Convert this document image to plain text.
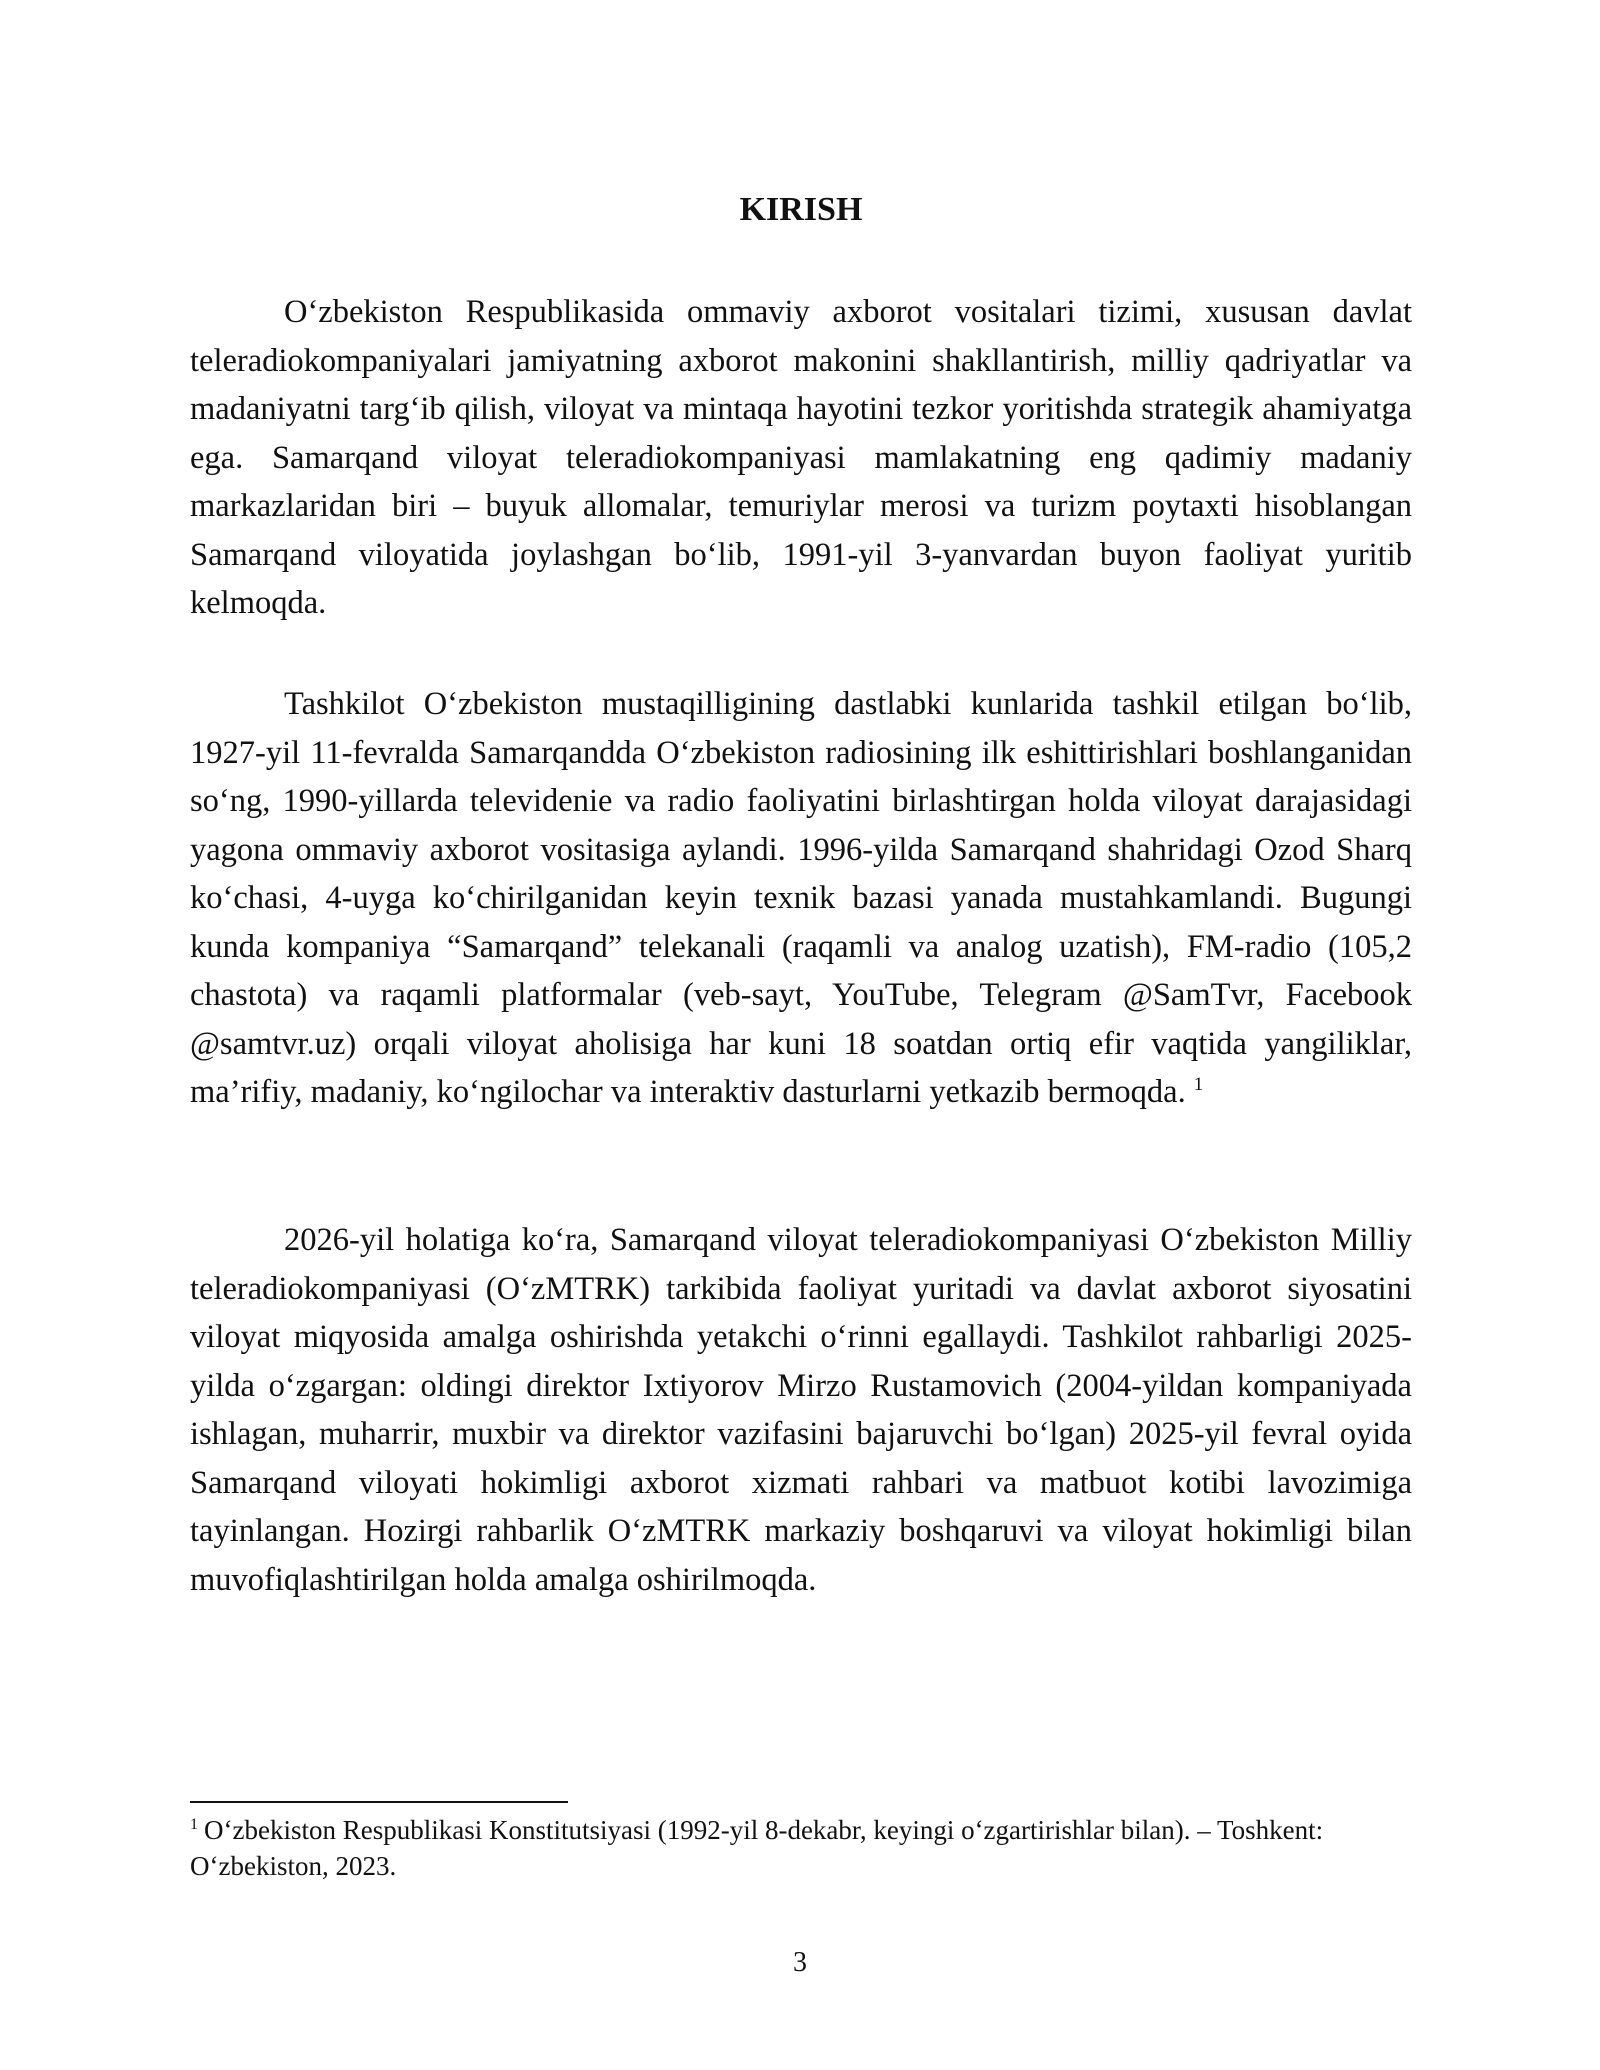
KIRISH

O‘zbekiston Respublikasida ommaviy axborot vositalari tizimi, xususan davlat teleradiokompaniyalari jamiyatning axborot makonini shakllantirish, milliy qadriyatlar va madaniyatni targ‘ib qilish, viloyat va mintaqa hayotini tezkor yoritishda strategik ahamiyatga ega. Samarqand viloyat teleradiokompaniyasi mamlakatning eng qadimiy madaniy markazlaridan biri – buyuk allomalar, temuriylar merosi va turizm poytaxti hisoblangan Samarqand viloyatida joylashgan bo‘lib, 1991-yil 3-yanvardan buyon faoliyat yuritib kelmoqda.

Tashkilot O‘zbekiston mustaqilligining dastlabki kunlarida tashkil etilgan bo‘lib, 1927-yil 11-fevralda Samarqandda O‘zbekiston radiosining ilk eshittirishlari boshlanganidan so‘ng, 1990-yillarda televidenie va radio faoliyatini birlashtirgan holda viloyat darajasidagi yagona ommaviy axborot vositasiga aylandi. 1996-yilda Samarqand shahridagi Ozod Sharq ko‘chasi, 4-uyga ko‘chirilganidan keyin texnik bazasi yanada mustahkamlandi. Bugungi kunda kompaniya “Samarqand” telekanali (raqamli va analog uzatish), FM-radio (105,2 chastota) va raqamli platformalar (veb-sayt, YouTube, Telegram @SamTvr, Facebook @samtvr.uz) orqali viloyat aholisiga har kuni 18 soatdan ortiq efir vaqtida yangiliklar, ma’rifiy, madaniy, ko‘ngilochar va interaktiv dasturlarni yetkazib bermoqda. $^1$

2026-yil holatiga ko‘ra, Samarqand viloyat teleradiokompaniyasi O‘zbekiston Milliy teleradiokompaniyasi (O‘zMTRK) tarkibida faoliyat yuritadi va davlat axborot siyosatini viloyat miqyosida amalga oshirishda yetakchi o‘rinni egallaydi. Tashkilot rahbarligi 2025-yilda o‘zgargan: oldingi direktor Ixtiyorov Mirzo Rustamovich (2004-yildan kompaniyada ishlagan, muharrir, muxbir va direktor vazifasini bajaruvchi bo‘lgan) 2025-yil fevral oyida Samarqand viloyati hokimligi axborot xizmati rahbari va matbuot kotibi lavozimiga tayinlangan. Hozirgi rahbarlik O‘zMTRK markaziy boshqaruvi va viloyat hokimligi bilan muvofiqlashtirilgan holda amalga oshirilmoqda.

$^1$ O‘zbekiston Respublikasi Konstitutsiyasi (1992-yil 8-dekabr, keyingi o‘zgartirishlar bilan). – Toshkent: O‘zbekiston, 2023.

3
